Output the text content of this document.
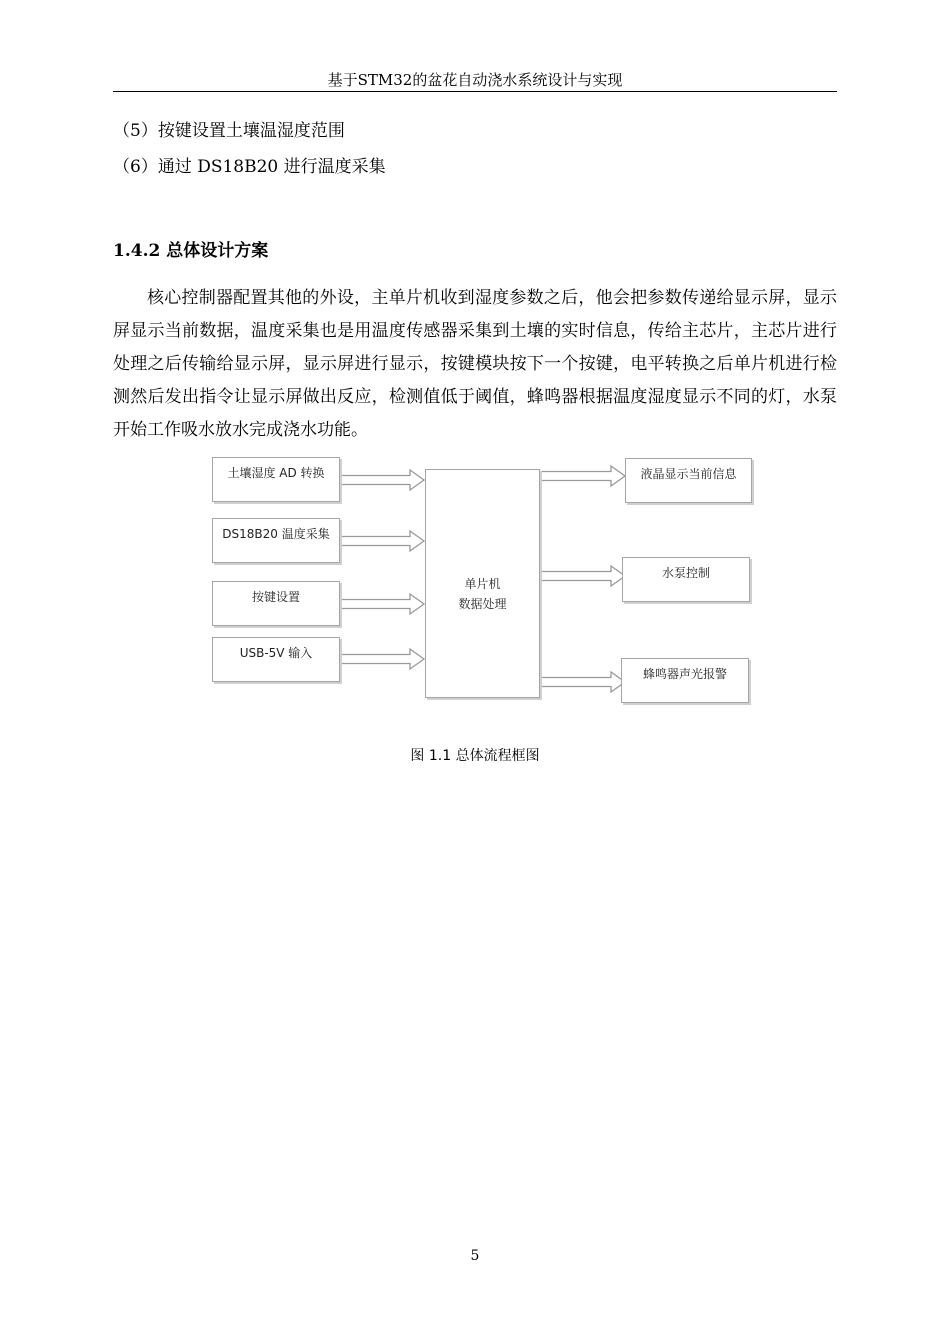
基于STM32的盆花自动浇水系统设计与实现
（5）按键设置土壤温湿度范围
（6）通过 DS18B20 进行温度采集
1.4.2 总体设计方案
核心控制器配置其他的外设，主单片机收到湿度参数之后，他会把参数传递给显示屏，显示屏显示当前数据，温度采集也是用温度传感器采集到土壤的实时信息，传给主芯片，主芯片进行处理之后传输给显示屏，显示屏进行显示，按键模块按下一个按键，电平转换之后单片机进行检测然后发出指令让显示屏做出反应，检测值低于阈值，蜂鸣器根据温度湿度显示不同的灯，水泵开始工作吸水放水完成浇水功能。
土壤湿度 AD 转换
DS18B20 温度采集
按键设置
USB-5V 输入
单片机
数据处理
液晶显示当前信息
水泵控制
蜂鸣器声光报警
图 1.1 总体流程框图
5
